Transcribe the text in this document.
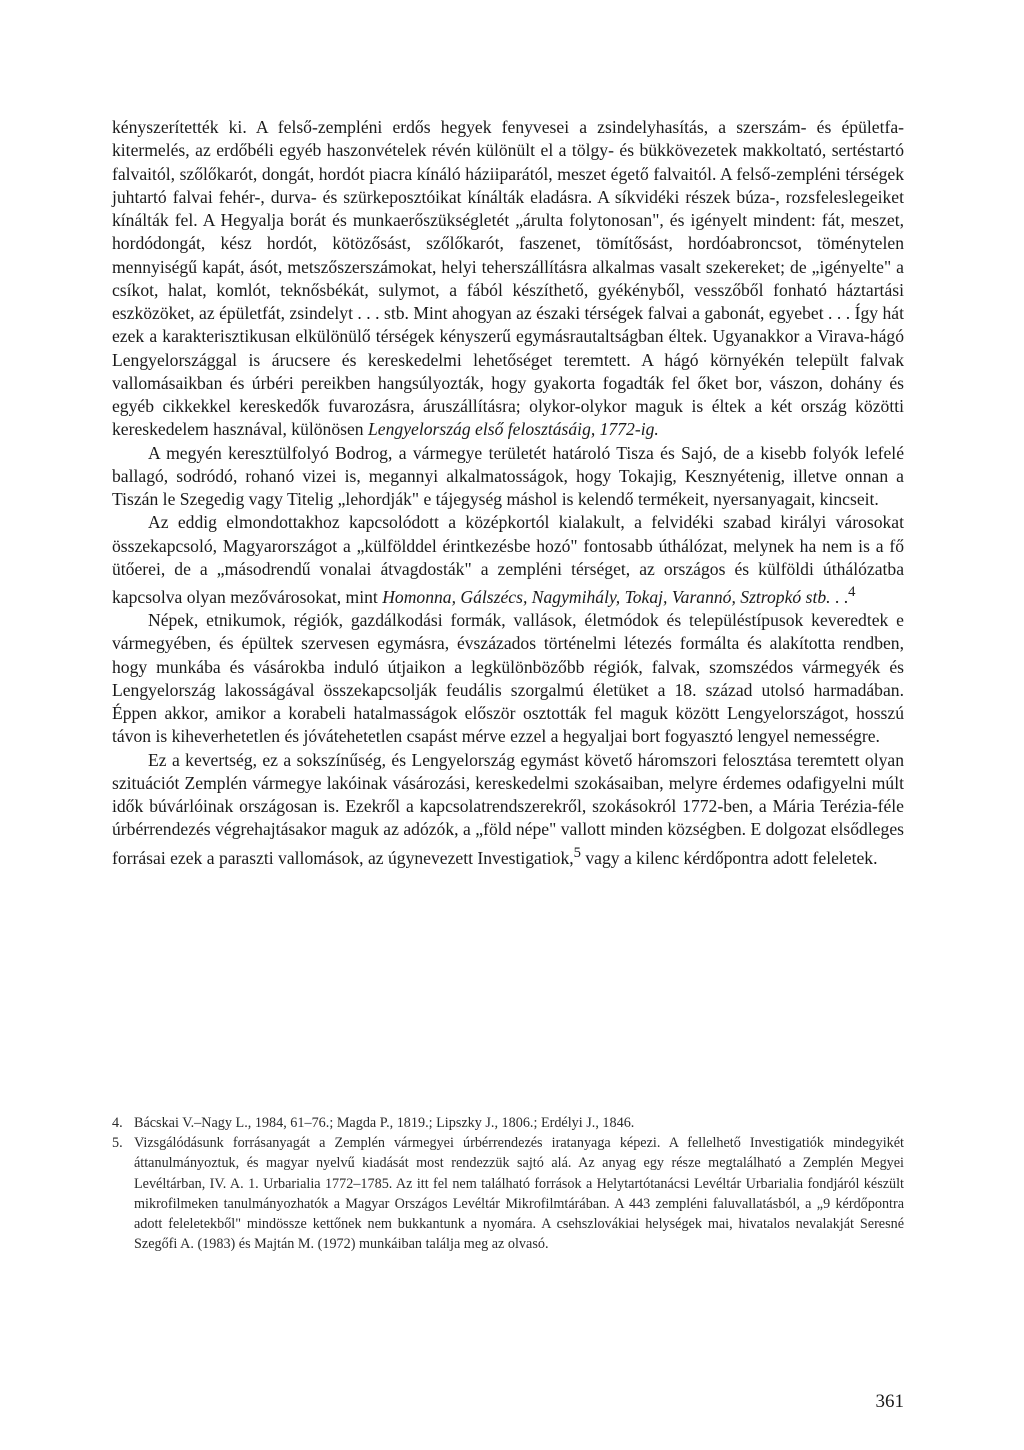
kényszerítették ki. A felső-zempléni erdős hegyek fenyvesei a zsindelyhasítás, a szerszám- és épületfa-kitermelés, az erdőbéli egyéb haszonvételek révén különült el a tölgy- és bükkövezetek makkoltató, sertéstartó falvaitól, szőlőkarót, dongát, hordót piacra kínáló háziiparától, meszet égető falvaitól. A felső-zempléni térségek juhtartó falvai fehér-, durva- és szürkeposztóikat kínálták eladásra. A síkvidéki részek búza-, rozsfeleslegeiket kínálták fel. A Hegyalja borát és munkaerőszükségletét „árulta folytonosan", és igényelt mindent: fát, meszet, hordódongát, kész hordót, kötözősást, szőlőkarót, faszenet, tömítősást, hordóabroncsot, töménytelen mennyiségű kapát, ásót, metszőszerszámokat, helyi teherszállításra alkalmas vasalt szekereket; de „igényelte" a csíkot, halat, komlót, teknősbékát, sulymot, a fából készíthető, gyékényből, vesszőből fonható háztartási eszközöket, az épületfát, zsindelyt . . . stb. Mint ahogyan az északi térségek falvai a gabonát, egyebet . . . Így hát ezek a karakterisztikusan elkülönülő térségek kényszerű egymásrautaltságban éltek. Ugyanakkor a Virava-hágó Lengyelországgal is árucsere és kereskedelmi lehetőséget teremtett. A hágó környékén települt falvak vallomásaikban és úrbéri pereikben hangsúlyozták, hogy gyakorta fogadták fel őket bor, vászon, dohány és egyéb cikkekkel kereskedők fuvarozásra, áruszállításra; olykor-olykor maguk is éltek a két ország közötti kereskedelem hasznával, különösen Lengyelország első felosztásáig, 1772-ig.

A megyén keresztülfolyó Bodrog, a vármegye területét határoló Tisza és Sajó, de a kisebb folyók lefelé ballagó, sodródó, rohanó vizei is, megannyi alkalmatosságok, hogy Tokajig, Kesznyétenig, illetve onnan a Tiszán le Szegedig vagy Titelig „lehordják" e tájegység máshol is kelendő termékeit, nyersanyagait, kincseit.

Az eddig elmondottakhoz kapcsolódott a középkortól kialakult, a felvidéki szabad királyi városokat összekapcsoló, Magyarországot a „külfölddel érintkezésbe hozó" fontosabb úthálózat, melynek ha nem is a fő ütőerei, de a „másodrendű vonalai átvagdosták" a zempléni térséget, az országos és külföldi úthálózatba kapcsolva olyan mezővárosokat, mint Homonna, Gálszécs, Nagymihály, Tokaj, Varannó, Sztropkó stb. . .$^4$

Népek, etnikumok, régiók, gazdálkodási formák, vallások, életmódok és településtípusok keveredtek e vármegyében, és épültek szervesen egymásra, évszázados történelmi létezés formálta és alakította rendben, hogy munkába és vásárokba induló útjaikon a legkülönbözőbb régiók, falvak, szomszédos vármegyék és Lengyelország lakosságával összekapcsolják feudális szorgalmú életüket a 18. század utolsó harmadában. Éppen akkor, amikor a korabeli hatalmasságok először osztották fel maguk között Lengyelországot, hosszú távon is kiheverhetetlen és jóvátehetetlen csapást mérve ezzel a hegyaljai bort fogyasztó lengyel nemességre.

Ez a kevertség, ez a sokszínűség, és Lengyelország egymást követő háromszori felosztása teremtett olyan szituációt Zemplén vármegye lakóinak vásározási, kereskedelmi szokásaiban, melyre érdemes odafigyelni múlt idők búvárlóinak országosan is. Ezekről a kapcsolatrendszerekről, szokásokról 1772-ben, a Mária Terézia-féle úrbérrendezés végrehajtásakor maguk az adózók, a „föld népe" vallott minden községben. E dolgozat elsődleges forrásai ezek a paraszti vallomások, az úgynevezett Investigatiok,$^5$ vagy a kilenc kérdőpontra adott feleletek.

4. Bácskai V.–Nagy L., 1984, 61–76.; Magda P., 1819.; Lipszky J., 1806.; Erdélyi J., 1846.
5. Vizsgálódásunk forrásanyagát a Zemplén vármegyei úrbérrendezés iratanyaga képezi. A fellelhető Investigatiók mindegyikét áttanulmányoztuk, és magyar nyelvű kiadását most rendezzük sajtó alá. Az anyag egy része megtalálható a Zemplén Megyei Levéltárban, IV. A. 1. Urbarialia 1772–1785. Az itt fel nem található források a Helytartótanácsi Levéltár Urbarialia fondjáról készült mikrofilmeken tanulmányozhatók a Magyar Országos Levéltár Mikrofilmtárában. A 443 zempléni faluvallatásból, a „9 kérdőpontra adott feleletekből" mindössze kettőnek nem bukkantunk a nyomára. A csehszlovákiai helységek mai, hivatalos nevalakját Seresné Szegőfi A. (1983) és Majtán M. (1972) munkáiban találja meg az olvasó.
361
